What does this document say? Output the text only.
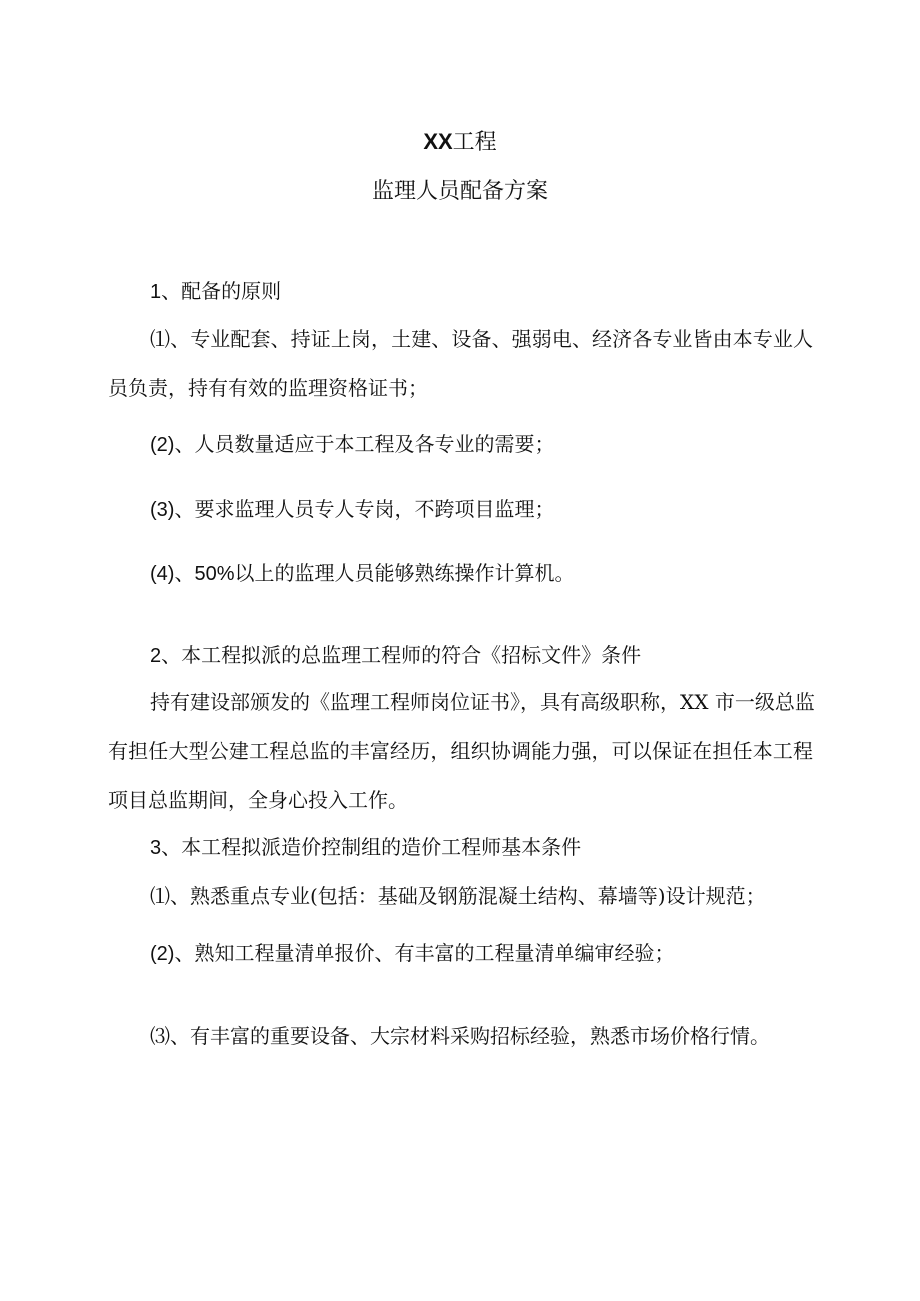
XX工程
监理人员配备方案
1、配备的原则
⑴、专业配套、持证上岗，土建、设备、强弱电、经济各专业皆由本专业人
员负责，持有有效的监理资格证书；
(2)、人员数量适应于本工程及各专业的需要；
(3)、要求监理人员专人专岗，不跨项目监理；
(4)、50%以上的监理人员能够熟练操作计算机。
2、本工程拟派的总监理工程师的符合《招标文件》条件
持有建设部颁发的《监理工程师岗位证书》，具有高级职称，XX 市一级总监
有担任大型公建工程总监的丰富经历，组织协调能力强，可以保证在担任本工程
项目总监期间，全身心投入工作。
3、本工程拟派造价控制组的造价工程师基本条件
⑴、熟悉重点专业(包括：基础及钢筋混凝土结构、幕墙等)设计规范；
(2)、熟知工程量清单报价、有丰富的工程量清单编审经验；
⑶、有丰富的重要设备、大宗材料采购招标经验，熟悉市场价格行情。
